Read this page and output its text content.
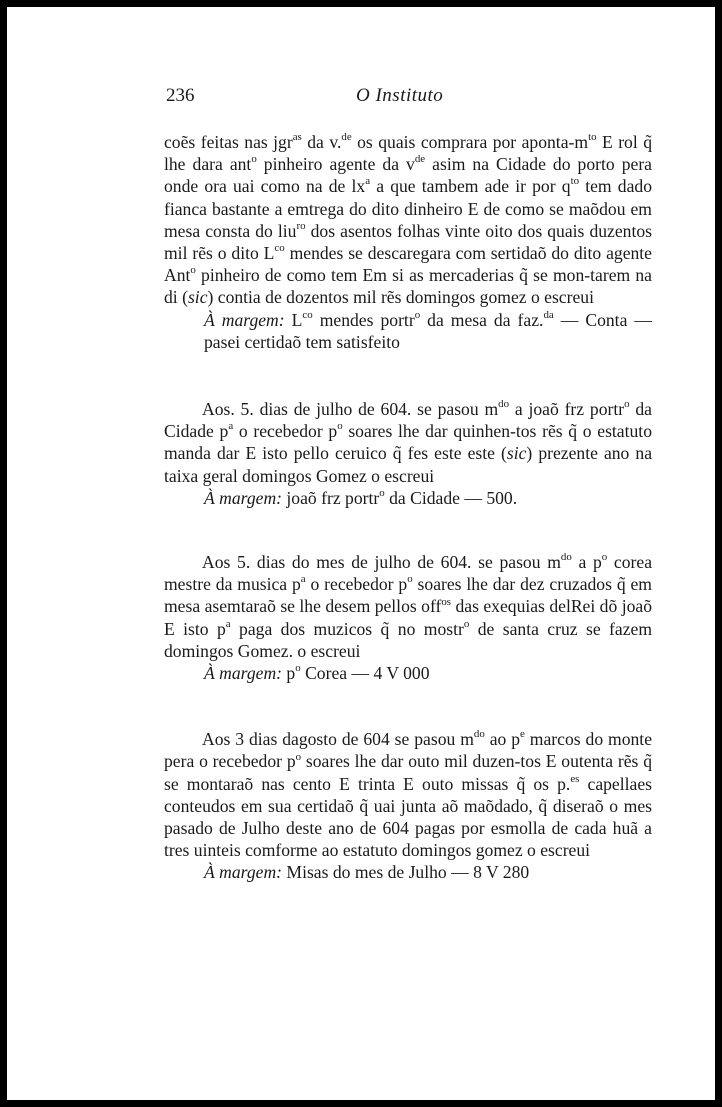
236	O Instituto

coẽs feitas nas jgr$^{as}$ da v.$^{de}$ os quais comprara por aponta-$m^{to}$ E rol q̃ lhe dara ant$^o$ pinheiro agente da $v^{de}$ asim na Cidade do porto pera onde ora uai como na de $lx^a$ a que tambem ade ir por $q^{to}$ tem dado fianca bastante a emtrega do dito dinheiro E de como se maõdou em mesa consta do liu$^{ro}$ dos asentos folhas vinte oito dos quais duzentos mil rẽs o dito $L^{co}$ mendes se descaregara com sertidaõ do dito agente Ant$^o$ pinheiro de como tem Em si as mercaderias q̃ se mon-tarem na di (sic) contia de dozentos mil rẽs domingos gomez o escreui

À margem: $L^{co}$ mendes portr$^o$ da mesa da faz.$^{da}$ — Conta — pasei certidaõ tem satisfeito

Aos. 5. dias de julho de 604. se pasou $m^{do}$ a joaõ frz portr$^o$ da Cidade $p^a$ o recebedor $p^o$ soares lhe dar quinhen-tos rẽs q̃ o estatuto manda dar E isto pello ceruico q̃ fes este este (sic) prezente ano na taixa geral domingos Gomez o escreui

À margem: joaõ frz portr$^o$ da Cidade — 500.

Aos 5. dias do mes de julho de 604. se pasou $m^{do}$ a $p^o$ corea mestre da musica $p^a$ o recebedor $p^o$ soares lhe dar dez cruzados q̃ em mesa asemtaraõ se lhe desem pellos off$^{os}$ das exequias delRei dõ joaõ E isto $p^a$ paga dos muzicos q̃ no mostr$^o$ de santa cruz se fazem domingos Gomez. o escreui

À margem: $p^o$ Corea — 4 V 000

Aos 3 dias dagosto de 604 se pasou $m^{do}$ ao $p^e$ marcos do monte pera o recebedor $p^o$ soares lhe dar outo mil duzen-tos E outenta rẽs q̃ se montaraõ nas cento E trinta E outo missas q̃ os p.$^{es}$ capellaes conteudos em sua certidaõ q̃ uai junta aõ maõdado, q̃ diseraõ o mes pasado de Julho deste ano de 604 pagas por esmolla de cada huã a tres uinteis comforme ao estatuto domingos gomez o escreui

À margem: Misas do mes de Julho — 8 V 280
